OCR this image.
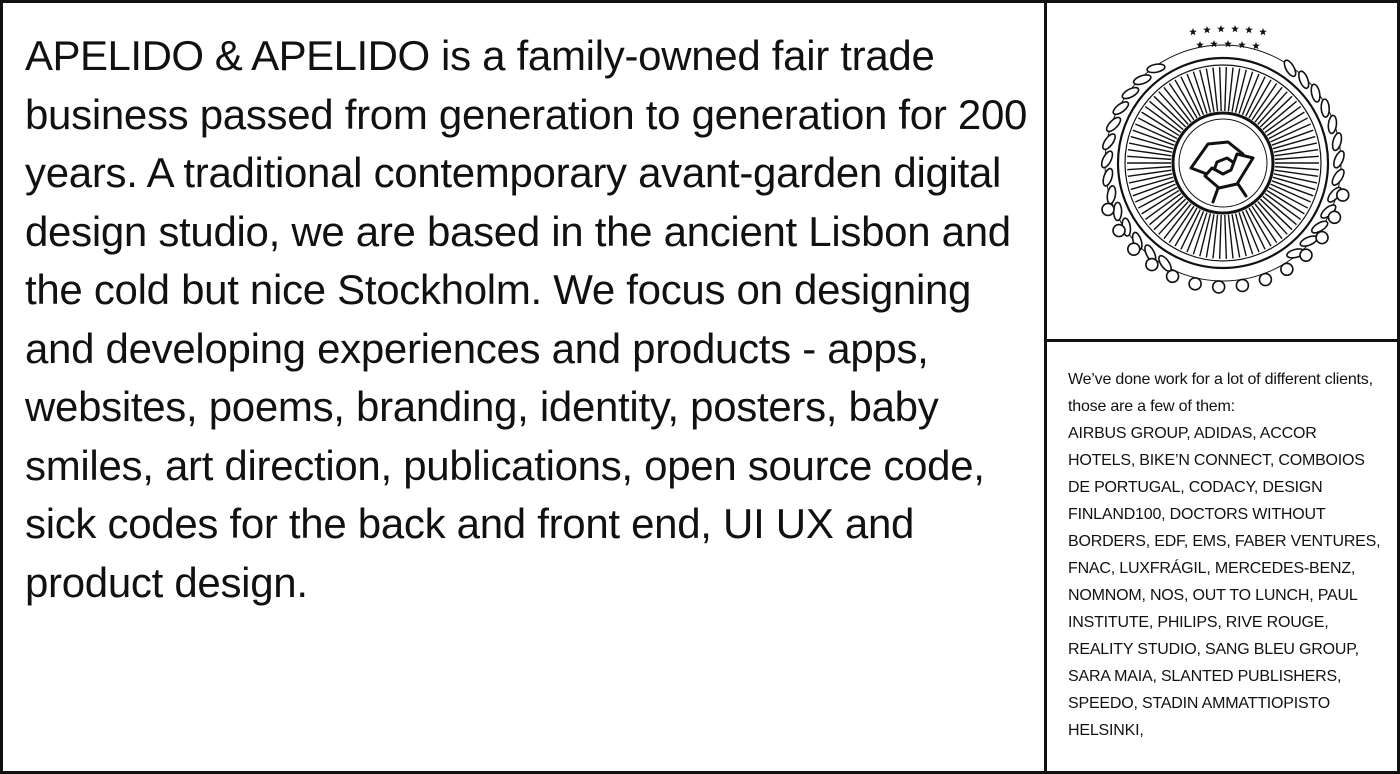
APELIDO & APELIDO is a family-owned fair trade business passed from generation to generation for 200 years. A traditional contemporary avant-garden digital design studio, we are based in the ancient Lisbon and the cold but nice Stockholm. We focus on designing and developing experiences and products - apps, websites, poems, branding, identity, posters, baby smiles, art direction, publications, open source code, sick codes for the back and front end, UI UX and product design.

We’ve done work for a lot of different clients, those are a few of them:
AIRBUS GROUP, ADIDAS, ACCOR HOTELS, BIKE’N CONNECT, COMBOIOS DE PORTUGAL, CODACY, DESIGN FINLAND100, DOCTORS WITHOUT BORDERS, EDF, EMS, FABER VENTURES, FNAC, LUXFRÁGIL, MERCEDES-BENZ, NOMNOM, NOS, OUT TO LUNCH, PAUL INSTITUTE, PHILIPS, RIVE ROUGE, REALITY STUDIO, SANG BLEU GROUP, SARA MAIA, SLANTED PUBLISHERS, SPEEDO, STADIN AMMATTIOPISTO HELSINKI,
